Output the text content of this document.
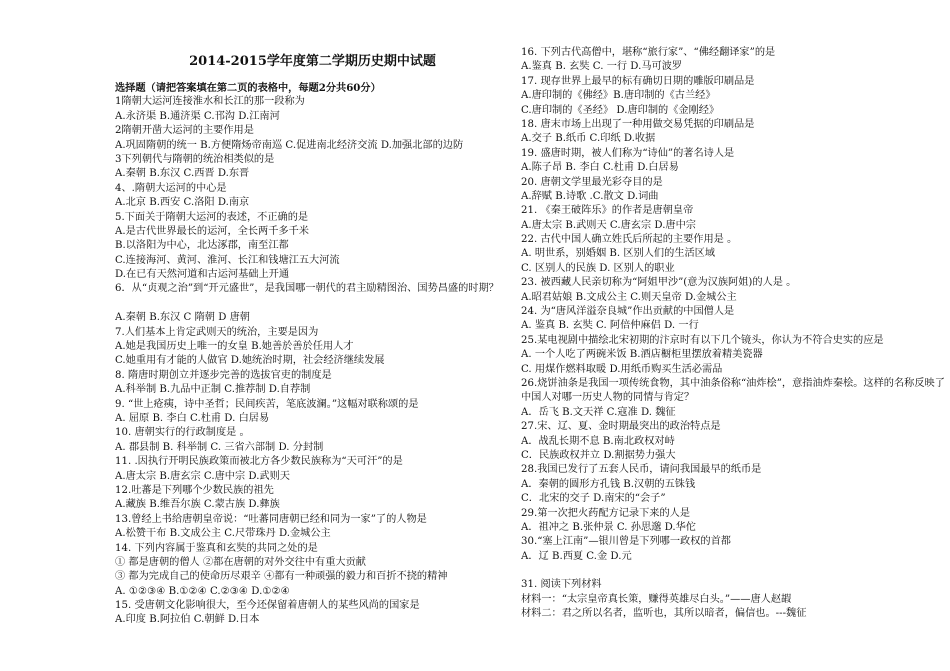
2014-2015学年度第二学期历史期中试题
选择题（请把答案填在第二页的表格中，每题2分共60分）
1隋朝大运河连接淮水和长江的那一段称为
A.永济渠 B.通济渠 C.邗沟 D.江南河
2隋朝开凿大运河的主要作用是
A.巩固隋朝的统一 B.方便隋炀帝南巡 C.促进南北经济交流 D.加强北部的边防
3下列朝代与隋朝的统治相类似的是
A.秦朝 B.东汉 C.西晋 D.东晋
4、.隋朝大运河的中心是
A.北京 B.西安 C.洛阳 D.南京
5.下面关于隋朝大运河的表述，不正确的是
A.是古代世界最长的运河，全长两千多千米
B.以洛阳为中心，北达涿郡，南至江都
C.连接海河、黄河、淮河、长江和钱塘江五大河流
D.在已有天然河道和古运河基础上开通
6．从“贞观之治”到“开元盛世”，是我国哪一朝代的君主励精图治、国势昌盛的时期？
A.秦朝 B.东汉 C 隋朝 D 唐朝
7.人们基本上肯定武则天的统治，主要是因为
A.她是我国历史上唯一的女皇 B.她善於善於任用人才
C.她重用有才能的人做官 D.她统治时期，社会经济继续发展
8. 隋唐时期创立并逐步完善的选拔官吏的制度是
A.科举制 B.九品中正制 C.推荐制 D.自荐制
9. “世上疮痍，诗中圣哲；民间疾苦，笔底波澜。”这幅对联称颂的是
A. 屈原 B. 李白 C.杜甫 D. 白居易
10. 唐朝实行的行政制度是 。
A. 郡县制 B. 科举制 C. 三省六部制 D. 分封制
11. .因执行开明民族政策而被北方各少数民族称为“天可汗”的是
A.唐太宗 B.唐玄宗 C.唐中宗 D.武则天
12.吐蕃是下列哪个少数民族的祖先
A.藏族 B.维吾尔族 C.蒙古族 D.彝族
13.曾经上书给唐朝皇帝说：“吐蕃同唐朝已经和同为一家”了的人物是
A.松赞干布 B.文成公主 C.尺带珠丹 D.金城公主
14. 下列内容属于鉴真和玄奘的共同之处的是
① 都是唐朝的僧人 ②都在唐朝的对外交往中有重大贡献
③ 都为完成自己的使命历尽艰辛 ④都有一种顽强的毅力和百折不挠的精神
A. ①②③④ B.①②④ C.②③④ D.①②④
15. 受唐朝文化影响很大，至今还保留着唐朝人的某些风尚的国家是
A.印度 B.阿拉伯 C.朝鲜 D.日本
16. 下列古代高僧中，堪称“旅行家”、“佛经翻译家”的是
A.鉴真 B. 玄奘 C. 一行 D.马可波罗
17. 现存世界上最早的标有确切日期的雕版印刷品是
A.唐印制的《佛经》B.唐印制的《古兰经》
C.唐印制的《圣经》 D.唐印制的《金刚经》
18. 唐末市场上出现了一种用做交易凭据的印刷品是
A.交子 B.纸币 C.印纸 D.收据
19. 盛唐时期，被人们称为“诗仙”的著名诗人是
A.陈子昂 B. 李白 C.杜甫 D.白居易
20. 唐朝文学里最光彩夺目的是
A.辞赋 B.诗歌 .C.散文 D.词曲
21. 《秦王破阵乐》的作者是唐朝皇帝
A.唐太宗 B.武则天 C.唐玄宗 D.唐中宗
22. 古代中国人确立姓氏后所起的主要作用是 。
A. 明世系，别婚姻 B. 区别人们的生活区域
C. 区别人的民族 D. 区别人的职业
23. 被西藏人民亲切称为“阿姐甲沙”(意为汉族阿姐)的人是 。
A.昭君姑娘 B.文成公主 C.则天皇帝 D.金城公主
24. 为“唐风洋溢奈良城”作出贡献的中国僧人是
A. 鉴真 B. 玄奘 C. 阿倍仲麻侣 D. 一行
25.某电视剧中描绘北宋初期的汴京时有以下几个镜头，你认为不符合史实的应是
A. 一个人吃了两碗米饭 B.酒店橱柜里摆放着精美瓷器
C. 用煤作燃料取暖 D.用纸币购买生活必需品
26.烧饼油条是我国一项传统食物，其中油条俗称“油炸桧”，意指油炸秦桧。这样的名称反映了中国人对哪一历史人物的同情与肯定？
A．岳飞 B.文天祥 C.寇准 D. 魏征
27.宋、辽、夏、金时期最突出的政治特点是
A．战乱长期不息 B.南北政权对峙
C．民族政权并立 D.割据势力强大
28.我国已发行了五套人民币，请问我国最早的纸币是
A．秦朝的圆形方孔钱 B.汉朝的五铢钱
C．北宋的交子 D.南宋的“会子”
29.第一次把火药配方记录下来的人是
A．祖冲之 B.张仲景 C. 孙思邈 D.华佗
30.“塞上江南”—银川曾是下列哪一政权的首都
A．辽 B.西夏 C.金 D.元
31. 阅读下列材料
材料一：“太宗皇帝真长策，赚得英雄尽白头。”——唐人赵嘏
材料二：君之所以名者，监听也，其所以暗者，偏信也。---魏征
